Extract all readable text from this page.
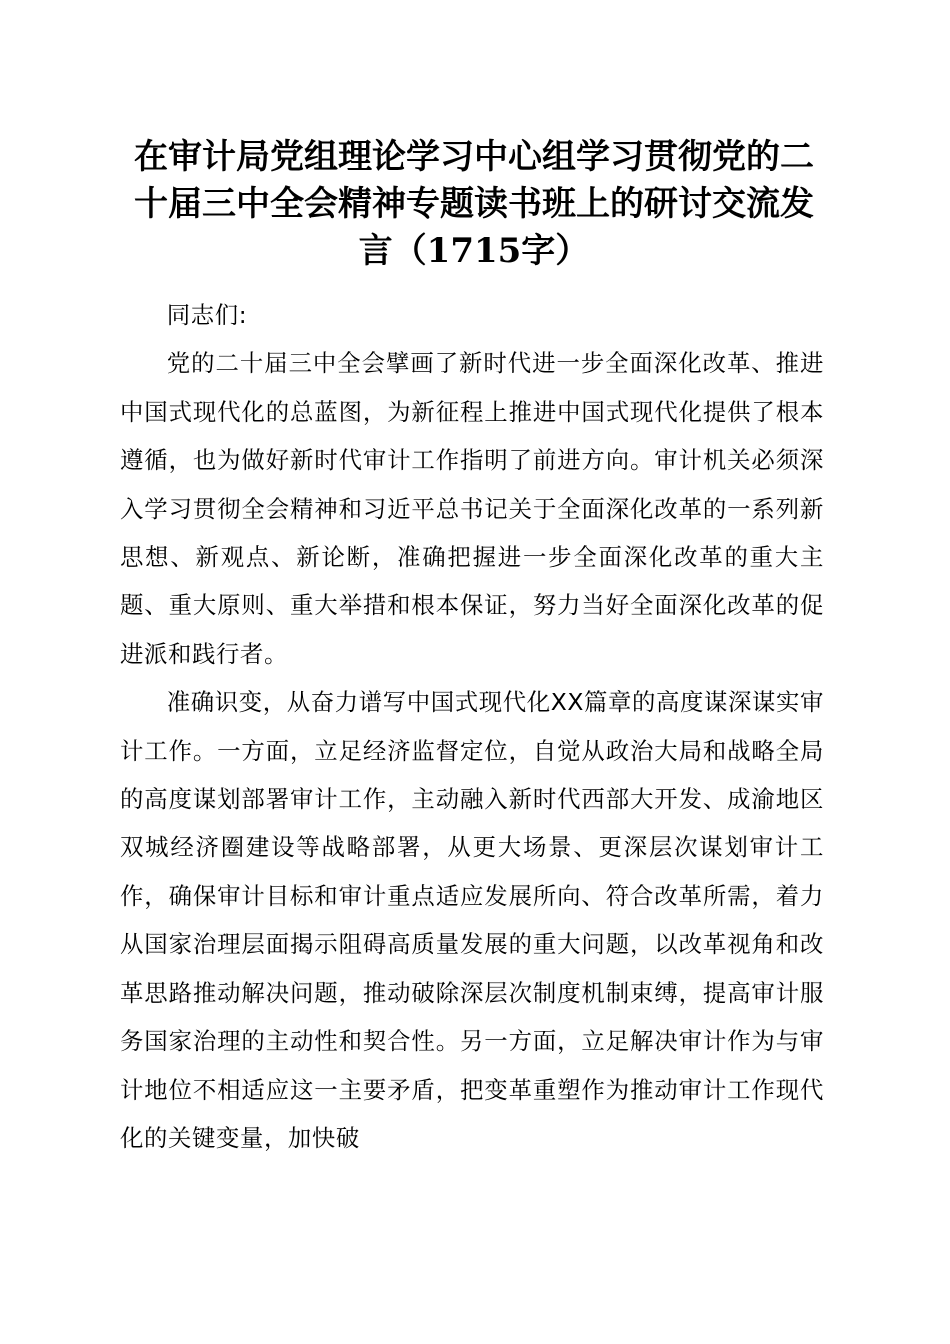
在审计局党组理论学习中心组学习贯彻党的二十届三中全会精神专题读书班上的研讨交流发言（1715字）

同志们:

党的二十届三中全会擘画了新时代进一步全面深化改革、推进中国式现代化的总蓝图，为新征程上推进中国式现代化提供了根本遵循，也为做好新时代审计工作指明了前进方向。审计机关必须深入学习贯彻全会精神和习近平总书记关于全面深化改革的一系列新思想、新观点、新论断，准确把握进一步全面深化改革的重大主题、重大原则、重大举措和根本保证，努力当好全面深化改革的促进派和践行者。

准确识变，从奋力谱写中国式现代化XX篇章的高度谋深谋实审计工作。一方面，立足经济监督定位，自觉从政治大局和战略全局的高度谋划部署审计工作，主动融入新时代西部大开发、成渝地区双城经济圈建设等战略部署，从更大场景、更深层次谋划审计工作，确保审计目标和审计重点适应发展所向、符合改革所需，着力从国家治理层面揭示阻碍高质量发展的重大问题，以改革视角和改革思路推动解决问题，推动破除深层次制度机制束缚，提高审计服务国家治理的主动性和契合性。另一方面，立足解决审计作为与审计地位不相适应这一主要矛盾，把变革重塑作为推动审计工作现代化的关键变量，加快破
